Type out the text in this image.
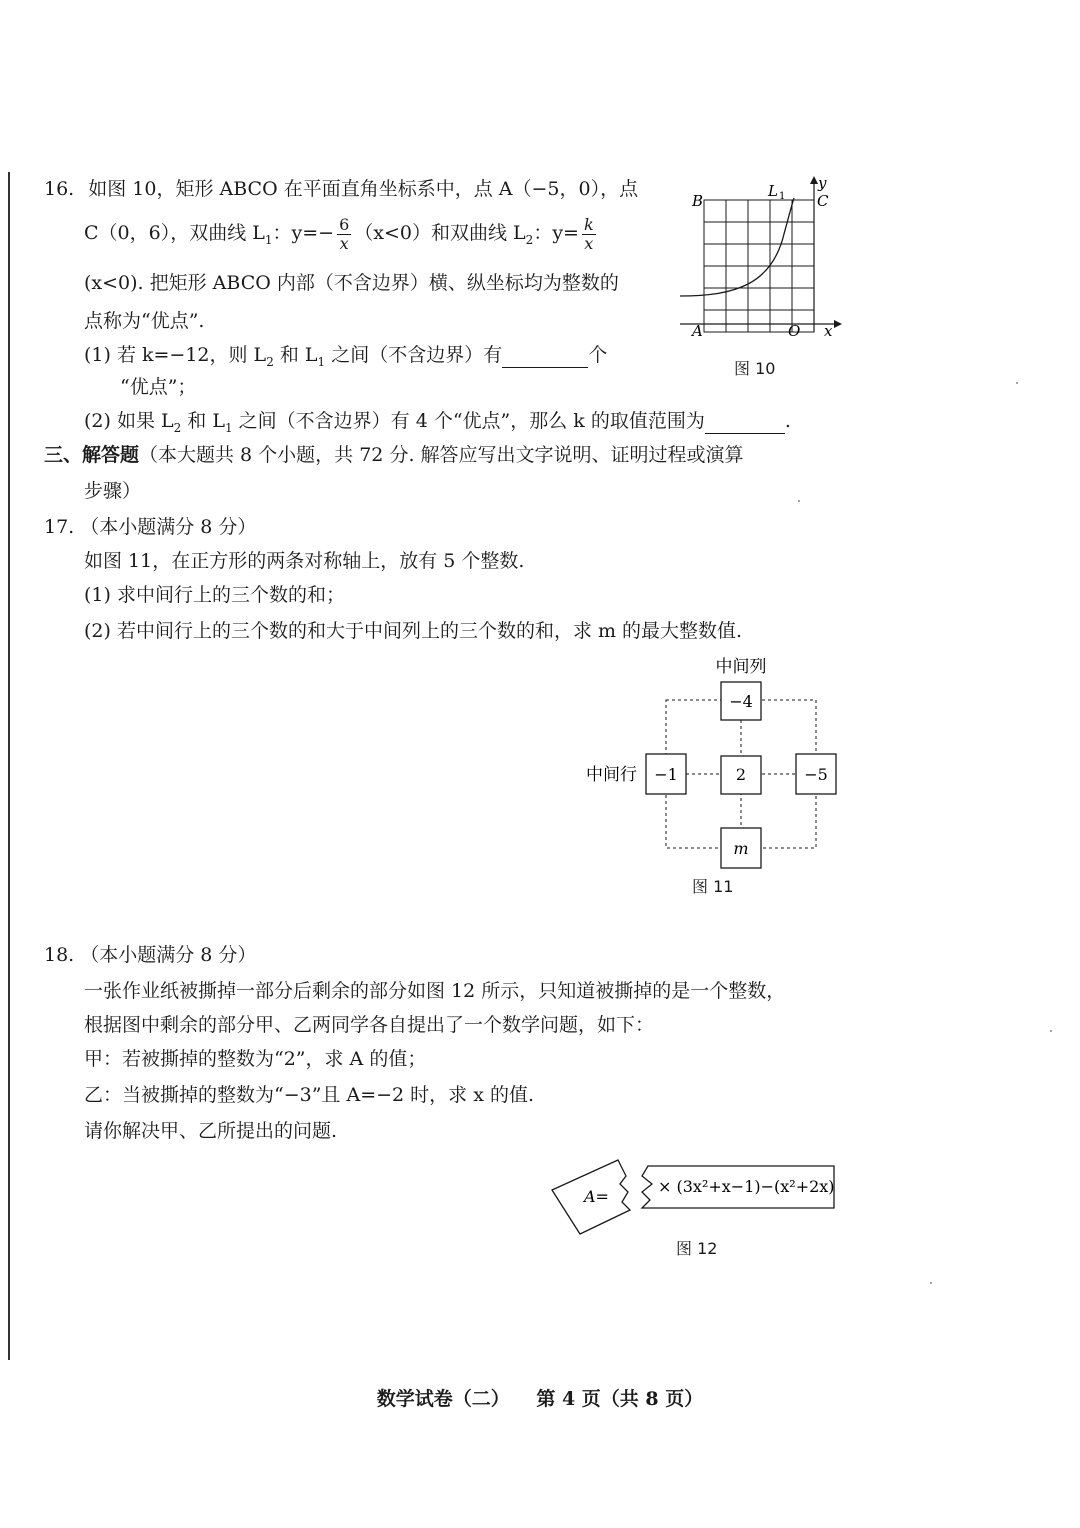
16. 如图 10，矩形 ABCO 在平面直角坐标系中，点 A（−5，0），点
C（0，6），双曲线 $L_1$：$y=- \frac{6}{x} (x<0)$和双曲线 $L_2$：$y= \frac{k}{x}$
(x<0). 把矩形 ABCO 内部（不含边界）横、纵坐标均为整数的
点称为“优点”.
(1) 若 k=−12，则 $L_2$ 和 $L_1$ 之间（不含边界）有	个
“优点”；
(2) 如果 $L_2$ 和 $L_1$ 之间（不含边界）有 4 个“优点”，那么 k 的取值范围为	.
B	C
A	O x
y
L 1
图 10
三、解答题（本大题共 8 个小题，共 72 分. 解答应写出文字说明、证明过程或演算
步骤）
17. （本小题满分 8 分）
如图 11，在正方形的两条对称轴上，放有 5 个整数.
(1) 求中间行上的三个数的和；
(2) 若中间行上的三个数的和大于中间列上的三个数的和，求 m 的最大整数值.
中间列
中间行
−4
−1	2	−5
m
图 11
18. （本小题满分 8 分）
一张作业纸被撕掉一部分后剩余的部分如图 12 所示，只知道被撕掉的是一个整数，
根据图中剩余的部分甲、乙两同学各自提出了一个数学问题，如下：
甲：若被撕掉的整数为“2”，求 A 的值；
乙：当被撕掉的整数为“−3”且 A=−2 时，求 x 的值.
请你解决甲、乙所提出的问题.
A=
× (3x²+x−1)−(x²+2x)
图 12
数学试卷（二） 第 4 页（共 8 页）
